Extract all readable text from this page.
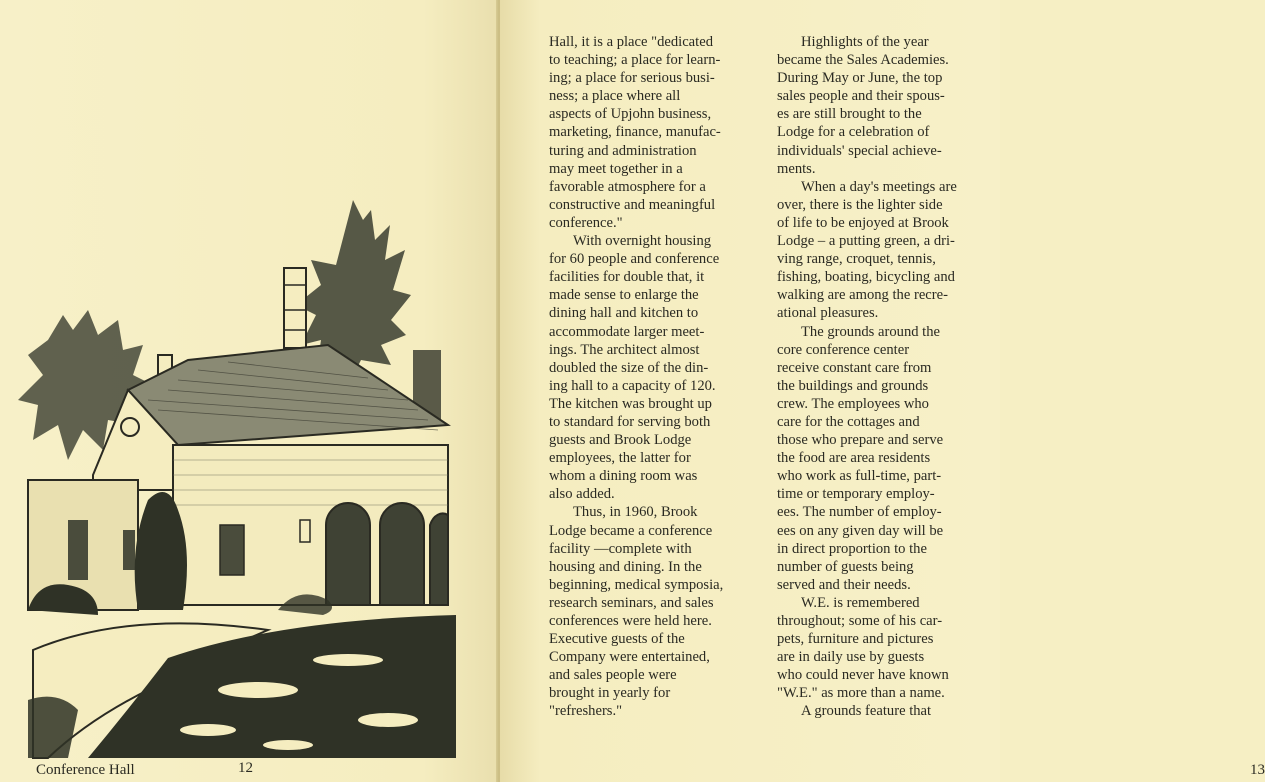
Conference Hall	12	13
Hall, it is a place "dedicated
to teaching; a place for learn-
ing; a place for serious busi-
ness; a place where all
aspects of Upjohn business,
marketing, finance, manufac-
turing and administration
may meet together in a
favorable atmosphere for a
constructive and meaningful
conference."
With overnight housing
for 60 people and conference
facilities for double that, it
made sense to enlarge the
dining hall and kitchen to
accommodate larger meet-
ings. The architect almost
doubled the size of the din-
ing hall to a capacity of 120.
The kitchen was brought up
to standard for serving both
guests and Brook Lodge
employees, the latter for
whom a dining room was
also added.
Thus, in 1960, Brook
Lodge became a conference
facility —complete with
housing and dining. In the
beginning, medical symposia,
research seminars, and sales
conferences were held here.
Executive guests of the
Company were entertained,
and sales people were
brought in yearly for
"refreshers."
Highlights of the year
became the Sales Academies.
During May or June, the top
sales people and their spous-
es are still brought to the
Lodge for a celebration of
individuals' special achieve-
ments.
When a day's meetings are
over, there is the lighter side
of life to be enjoyed at Brook
Lodge – a putting green, a dri-
ving range, croquet, tennis,
fishing, boating, bicycling and
walking are among the recre-
ational pleasures.
The grounds around the
core conference center
receive constant care from
the buildings and grounds
crew. The employees who
care for the cottages and
those who prepare and serve
the food are area residents
who work as full-time, part-
time or temporary employ-
ees. The number of employ-
ees on any given day will be
in direct proportion to the
number of guests being
served and their needs.
W.E. is remembered
throughout; some of his car-
pets, furniture and pictures
are in daily use by guests
who could never have known
"W.E." as more than a name.
A grounds feature that
